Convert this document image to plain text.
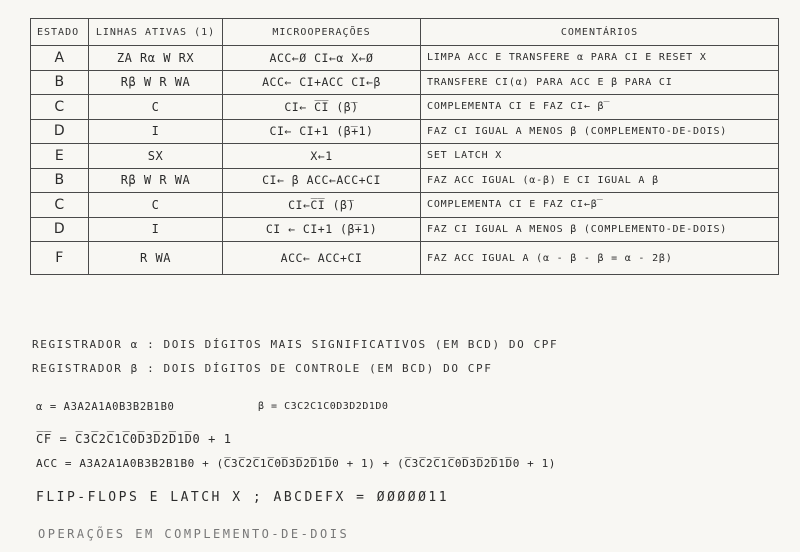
ESTADO	LINHAS ATIVAS (1)	MICROOPERAÇÕES	COMENTÁRIOS
A	ZA Rα W RX	ACC←Ø CI←α X←Ø	LIMPA ACC E TRANSFERE α PARA CI E RESET X
B	Rβ W R WA	ACC← CI+ACC CI←β	TRANSFERE CI(α) PARA ACC E β PARA CI
C	C	CI← C̅I̅ (β̅)	COMPLEMENTA CI E FAZ CI← β̅
D	I	CI← CI+1 (β̅+1)	FAZ CI IGUAL A MENOS β (COMPLEMENTO-DE-DOIS)
E	SX	X←1	SET LATCH X
B	Rβ W R WA	CI← β ACC←ACC+CI	FAZ ACC IGUAL (α-β) E CI IGUAL A β
C	C	CI←C̅I̅ (β̅)	COMPLEMENTA CI E FAZ CI←β̅
D	I	CI ← CI+1 (β̅+1)	FAZ CI IGUAL A MENOS β (COMPLEMENTO-DE-DOIS)
F	R WA	ACC← ACC+CI	FAZ ACC IGUAL A (α - β - β = α - 2β)
REGISTRADOR α : DOIS DÍGITOS MAIS SIGNIFICATIVOS (EM BCD) DO CPF
REGISTRADOR β : DOIS DÍGITOS DE CONTROLE (EM BCD) DO CPF
α = A3A2A1A0B3B2B1B0	β = C3C2C1C0D3D2D1D0
C̅F̅ = C̅3C̅2C̅1C̅0D̅3D̅2D̅1D̅0 + 1
ACC = A3A2A1A0B3B2B1B0 + (C̅3C̅2C̅1C̅0D̅3D̅2D̅1D̅0 + 1) + (C̅3C̅2C̅1C̅0D̅3D̅2D̅1D̅0 + 1)
FLIP-FLOPS E LATCH X ; ABCDEFX = ØØØØØ11
OPERAÇÕES EM COMPLEMENTO-DE-DOIS
